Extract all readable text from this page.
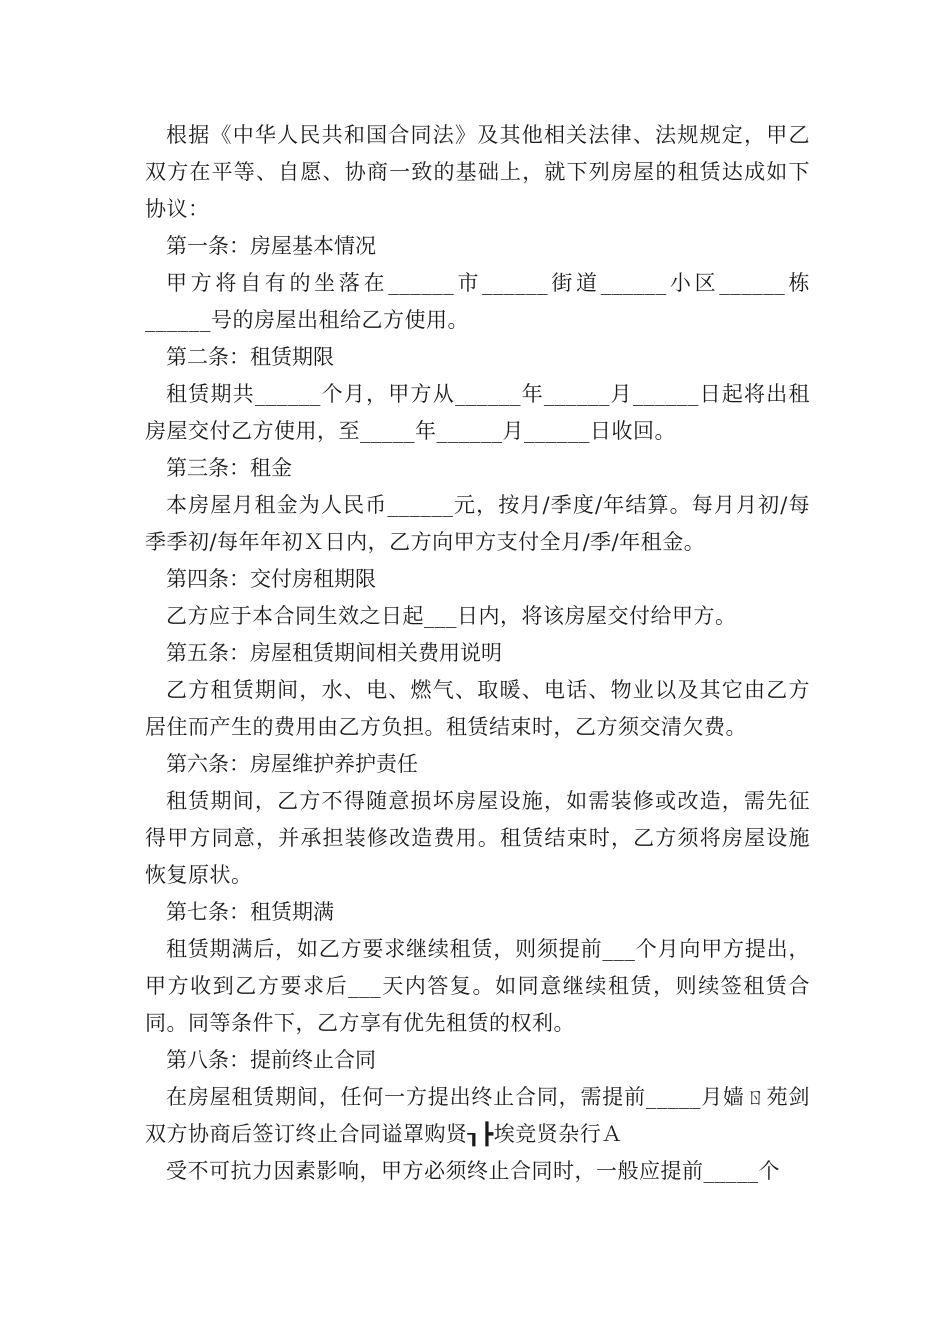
根据《中华人民共和国合同法》及其他相关法律、法规规定，甲乙双方在平等、自愿、协商一致的基础上，就下列房屋的租赁达成如下协议：

第一条：房屋基本情况

甲方将自有的坐落在______市______街道______小区______栋______号的房屋出租给乙方使用。

第二条：租赁期限

租赁期共______个月，甲方从______年______月______日起将出租房屋交付乙方使用，至_____年______月______日收回。

第三条：租金

本房屋月租金为人民币______元，按月/季度/年结算。每月月初/每季季初/每年年初Ｘ日内，乙方向甲方支付全月/季/年租金。

第四条：交付房租期限

乙方应于本合同生效之日起___日内，将该房屋交付给甲方。

第五条：房屋租赁期间相关费用说明

乙方租赁期间，水、电、燃气、取暖、电话、物业以及其它由乙方居住而产生的费用由乙方负担。租赁结束时，乙方须交清欠费。

第六条：房屋维护养护责任

租赁期间，乙方不得随意损坏房屋设施，如需装修或改造，需先征得甲方同意，并承担装修改造费用。租赁结束时，乙方须将房屋设施恢复原状。

第七条：租赁期满

租赁期满后，如乙方要求继续租赁，则须提前___个月向甲方提出，甲方收到乙方要求后___天内答复。如同意继续租赁，则续签租赁合同。同等条件下，乙方享有优先租赁的权利。

第八条：提前终止合同

在房屋租赁期间，任何一方提出终止合同，需提前_____月嫱ㄖ苑剑双方协商后签订终止合同谥罩购贤┒┣埃竞贤杂行Ａ

受不可抗力因素影响，甲方必须终止合同时，一般应提前_____个
